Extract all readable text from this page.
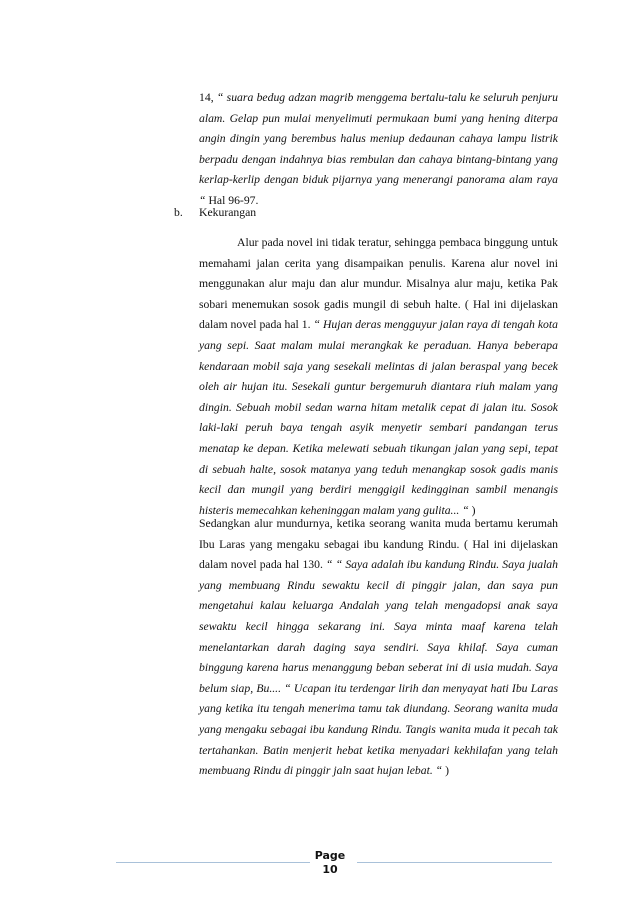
14, “ suara bedug adzan magrib menggema bertalu-talu ke seluruh penjuru alam. Gelap pun mulai menyelimuti permukaan bumi yang hening diterpa angin dingin yang berembus halus meniup dedaunan cahaya lampu listrik berpadu dengan indahnya bias rembulan dan cahaya bintang-bintang yang kerlap-kerlip dengan biduk pijarnya yang menerangi panorama alam raya “ Hal 96-97.

b. Kekurangan

Alur pada novel ini tidak teratur, sehingga pembaca binggung untuk memahami jalan cerita yang disampaikan penulis. Karena alur novel ini menggunakan alur maju dan alur mundur. Misalnya alur maju, ketika Pak sobari menemukan sosok gadis mungil di sebuh halte. ( Hal ini dijelaskan dalam novel pada hal 1. “ Hujan deras mengguyur jalan raya di tengah kota yang sepi. Saat malam mulai merangkak ke peraduan. Hanya beberapa kendaraan mobil saja yang sesekali melintas di jalan beraspal yang becek oleh air hujan itu. Sesekali guntur bergemuruh diantara riuh malam yang dingin. Sebuah mobil sedan warna hitam metalik cepat di jalan itu. Sosok laki-laki peruh baya tengah asyik menyetir sembari pandangan terus menatap ke depan. Ketika melewati sebuah tikungan jalan yang sepi, tepat di sebuah halte, sosok matanya yang teduh menangkap sosok gadis manis kecil dan mungil yang berdiri menggigil kedingginan sambil menangis histeris memecahkan keheninggan malam yang gulita... “ )

Sedangkan alur mundurnya, ketika seorang wanita muda bertamu kerumah Ibu Laras yang mengaku sebagai ibu kandung Rindu. ( Hal ini dijelaskan dalam novel pada hal 130. “ “ Saya adalah ibu kandung Rindu. Saya jualah yang membuang Rindu sewaktu kecil di pinggir jalan, dan saya pun mengetahui kalau keluarga Andalah yang telah mengadopsi anak saya sewaktu kecil hingga sekarang ini. Saya minta maaf karena telah menelantarkan darah daging saya sendiri. Saya khilaf. Saya cuman binggung karena harus menanggung beban seberat ini di usia mudah. Saya belum siap, Bu.... “ Ucapan itu terdengar lirih dan menyayat hati Ibu Laras yang ketika itu tengah menerima tamu tak diundang. Seorang wanita muda yang mengaku sebagai ibu kandung Rindu. Tangis wanita muda it pecah tak tertahankan. Batin menjerit hebat ketika menyadari kekhilafan yang telah membuang Rindu di pinggir jaln saat hujan lebat. “ )

Page
10
